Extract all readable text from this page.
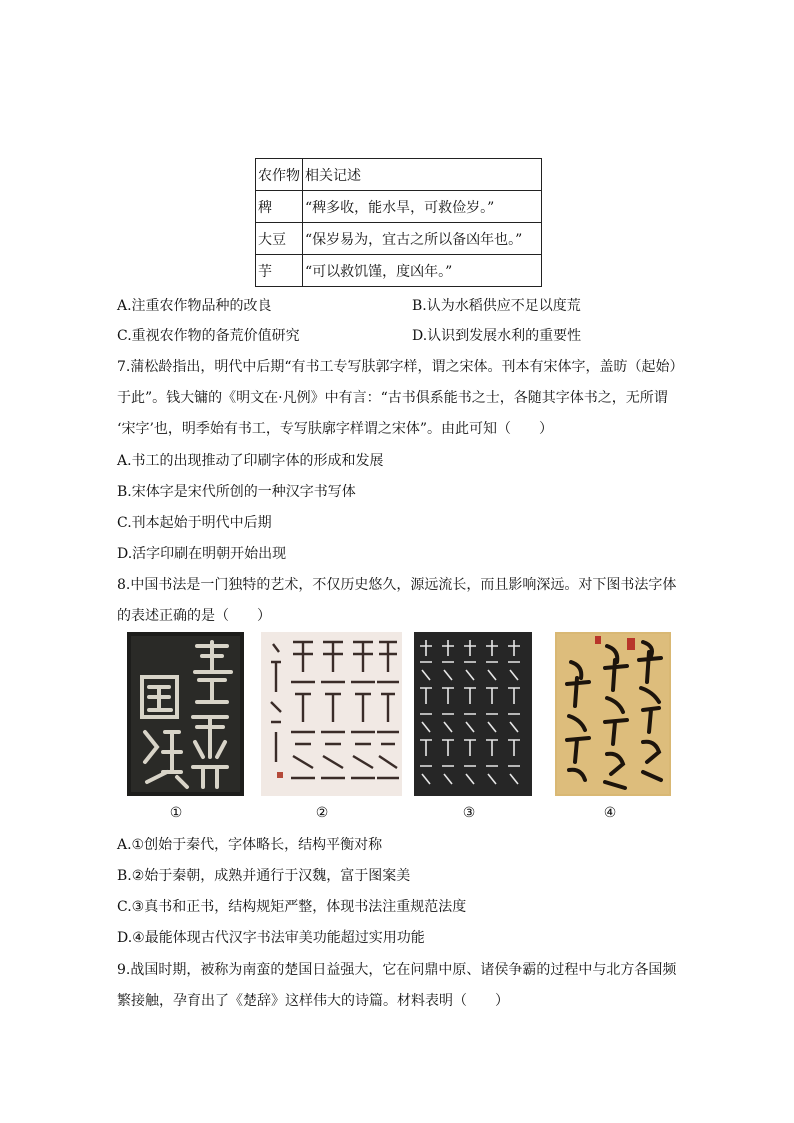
农作物	相关记述
稗	“稗多收，能水旱，可救俭岁。”
大豆	“保岁易为，宜古之所以备凶年也。”
芋	“可以救饥馑，度凶年。”
A.注重农作物品种的改良	B.认为水稻供应不足以度荒
C.重视农作物的备荒价值研究	D.认识到发展水利的重要性
7.蒲松龄指出，明代中后期“有书工专写肤郭字样，谓之宋体。刊本有宋体字，盖昉（起始）
于此”。钱大镛的《明文在·凡例》中有言：“古书俱系能书之士，各随其字体书之，无所谓
‘宋字’也，明季始有书工，专写肤廓字样谓之宋体”。由此可知（　　）
A.书工的出现推动了印刷字体的形成和发展
B.宋体字是宋代所创的一种汉字书写体
C.刊本起始于明代中后期
D.活字印刷在明朝开始出现
8.中国书法是一门独特的艺术，不仅历史悠久，源远流长，而且影响深远。对下图书法字体
的表述正确的是（　　）
①	②	③	④
A.①创始于秦代，字体略长，结构平衡对称
B.②始于秦朝，成熟并通行于汉魏，富于图案美
C.③真书和正书，结构规矩严整，体现书法注重规范法度
D.④最能体现古代汉字书法审美功能超过实用功能
9.战国时期，被称为南蛮的楚国日益强大，它在问鼎中原、诸侯争霸的过程中与北方各国频
繁接触，孕育出了《楚辞》这样伟大的诗篇。材料表明（　　）
